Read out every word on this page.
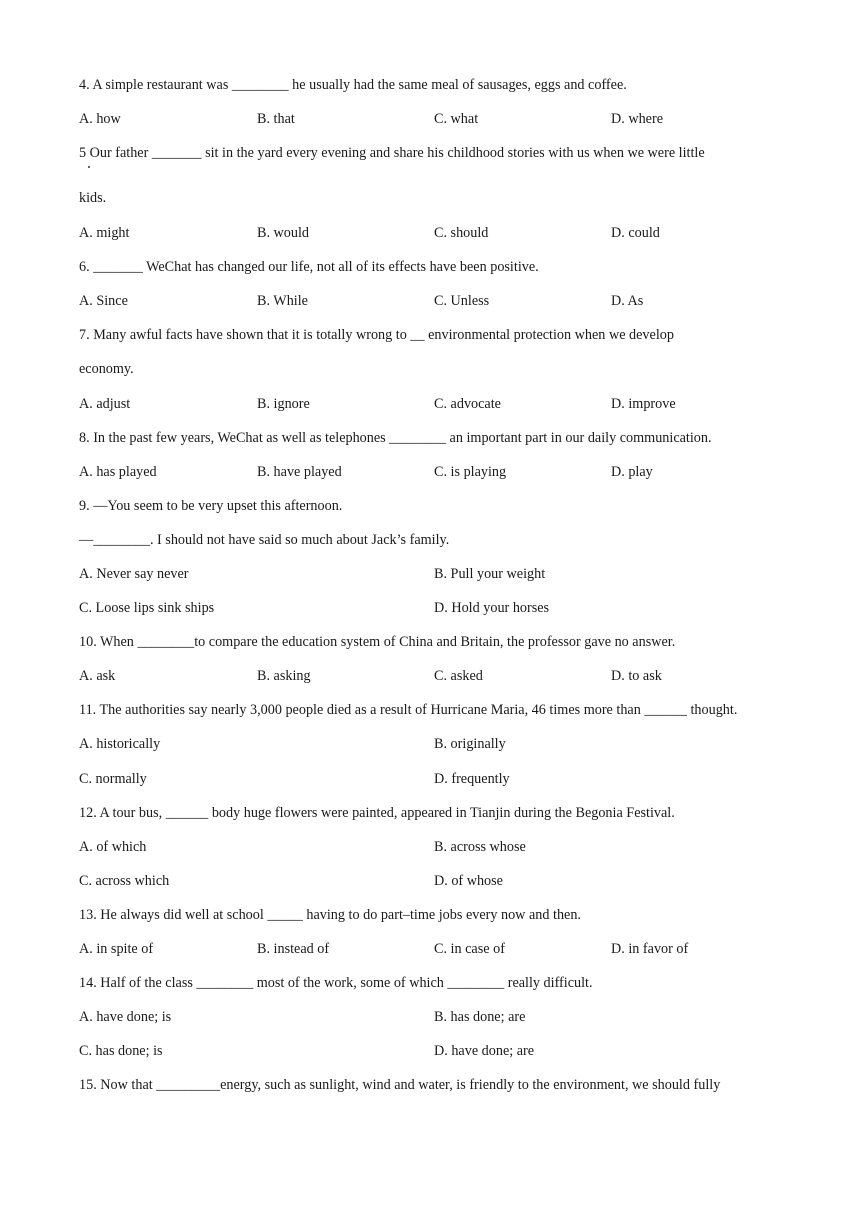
4. A simple restaurant was ________ he usually had the same meal of sausages, eggs and coffee.
A. how	B. that	C. what	D. where
5 Our father _______ sit in the yard every evening and share his childhood stories with us when we were little
kids.
A. might	B. would	C. should	D. could
6. _______ WeChat has changed our life, not all of its effects have been positive.
A. Since	B. While	C. Unless	D. As
7. Many awful facts have shown that it is totally wrong to __ environmental protection when we develop
economy.
A. adjust	B. ignore	C. advocate	D. improve
8. In the past few years, WeChat as well as telephones ________ an important part in our daily communication.
A. has played	B. have played	C. is playing	D. play
9. —You seem to be very upset this afternoon.
—________. I should not have said so much about Jack’s family.
A. Never say never	B. Pull your weight
C. Loose lips sink ships	D. Hold your horses
10. When ________to compare the education system of China and Britain, the professor gave no answer.
A. ask	B. asking	C. asked	D. to ask
11. The authorities say nearly 3,000 people died as a result of Hurricane Maria, 46 times more than ______ thought.
A. historically	B. originally
C. normally	D. frequently
12. A tour bus, ______ body huge flowers were painted, appeared in Tianjin during the Begonia Festival.
A. of which	B. across whose
C. across which	D. of whose
13. He always did well at school _____ having to do part–time jobs every now and then.
A. in spite of	B. instead of	C. in case of	D. in favor of
14. Half of the class ________ most of the work, some of which ________ really difficult.
A. have done; is	B. has done; are
C. has done; is	D. have done; are
15. Now that _________energy, such as sunlight, wind and water, is friendly to the environment, we should fully
